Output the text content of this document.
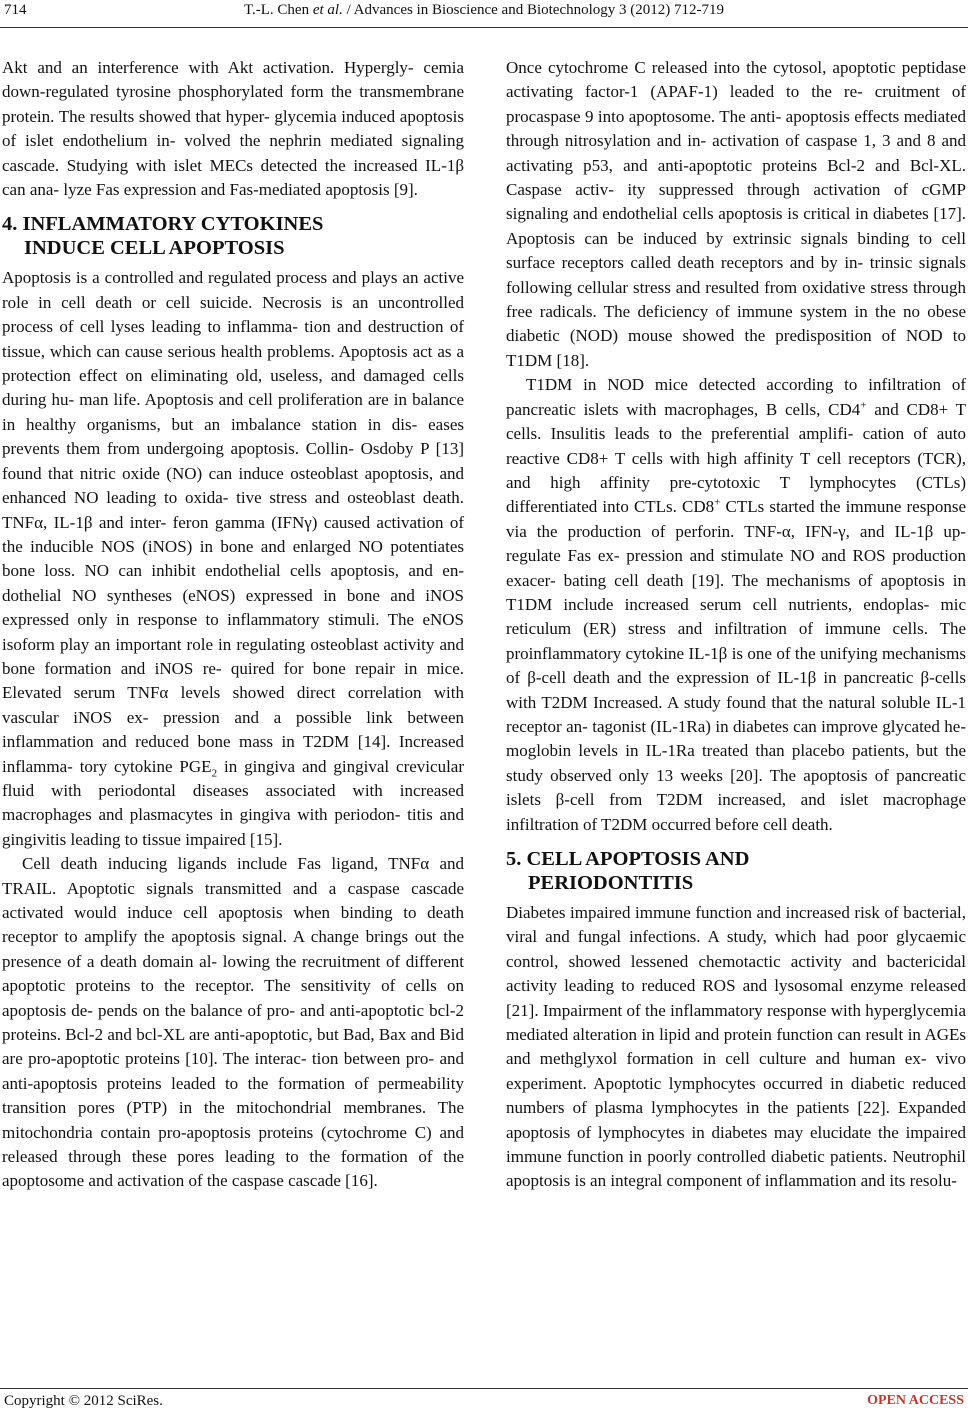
714	T.-L. Chen et al. / Advances in Bioscience and Biotechnology 3 (2012) 712-719

Akt and an interference with Akt activation. Hypergly- cemia down-regulated tyrosine phosphorylated form the transmembrane protein. The results showed that hyper- glycemia induced apoptosis of islet endothelium in- volved the nephrin mediated signaling cascade. Studying with islet MECs detected the increased IL-1β can ana- lyze Fas expression and Fas-mediated apoptosis [9].

4. INFLAMMATORY CYTOKINES
INDUCE CELL APOPTOSIS

Apoptosis is a controlled and regulated process and plays an active role in cell death or cell suicide. Necrosis is an uncontrolled process of cell lyses leading to inflamma- tion and destruction of tissue, which can cause serious health problems. Apoptosis act as a protection effect on eliminating old, useless, and damaged cells during hu- man life. Apoptosis and cell proliferation are in balance in healthy organisms, but an imbalance station in dis- eases prevents them from undergoing apoptosis. Collin- Osdoby P [13] found that nitric oxide (NO) can induce osteoblast apoptosis, and enhanced NO leading to oxida- tive stress and osteoblast death. TNFα, IL-1β and inter- feron gamma (IFNγ) caused activation of the inducible NOS (iNOS) in bone and enlarged NO potentiates bone loss. NO can inhibit endothelial cells apoptosis, and en- dothelial NO syntheses (eNOS) expressed in bone and iNOS expressed only in response to inflammatory stimuli. The eNOS isoform play an important role in regulating osteoblast activity and bone formation and iNOS re- quired for bone repair in mice. Elevated serum TNFα levels showed direct correlation with vascular iNOS ex- pression and a possible link between inflammation and reduced bone mass in T2DM [14]. Increased inflamma- tory cytokine $PGE_2$ in gingiva and gingival crevicular fluid with periodontal diseases associated with increased macrophages and plasmacytes in gingiva with periodon- titis and gingivitis leading to tissue impaired [15].

Cell death inducing ligands include Fas ligand, TNFα and TRAIL. Apoptotic signals transmitted and a caspase cascade activated would induce cell apoptosis when binding to death receptor to amplify the apoptosis signal. A change brings out the presence of a death domain al- lowing the recruitment of different apoptotic proteins to the receptor. The sensitivity of cells on apoptosis de- pends on the balance of pro- and anti-apoptotic bcl-2 proteins. Bcl-2 and bcl-XL are anti-apoptotic, but Bad, Bax and Bid are pro-apoptotic proteins [10]. The interac- tion between pro- and anti-apoptosis proteins leaded to the formation of permeability transition pores (PTP) in the mitochondrial membranes. The mitochondria contain pro-apoptosis proteins (cytochrome C) and released through these pores leading to the formation of the apoptosome and activation of the caspase cascade [16].

Once cytochrome C released into the cytosol, apoptotic peptidase activating factor-1 (APAF-1) leaded to the re- cruitment of procaspase 9 into apoptosome. The anti- apoptosis effects mediated through nitrosylation and in- activation of caspase 1, 3 and 8 and activating p53, and anti-apoptotic proteins Bcl-2 and Bcl-XL. Caspase activ- ity suppressed through activation of cGMP signaling and endothelial cells apoptosis is critical in diabetes [17]. Apoptosis can be induced by extrinsic signals binding to cell surface receptors called death receptors and by in- trinsic signals following cellular stress and resulted from oxidative stress through free radicals. The deficiency of immune system in the no obese diabetic (NOD) mouse showed the predisposition of NOD to T1DM [18].

T1DM in NOD mice detected according to infiltration of pancreatic islets with macrophages, B cells, CD4+ and CD8+ T cells. Insulitis leads to the preferential amplifi- cation of auto reactive CD8+ T cells with high affinity T cell receptors (TCR), and high affinity pre-cytotoxic T lymphocytes (CTLs) differentiated into CTLs. CD8+ CTLs started the immune response via the production of perforin. TNF-α, IFN-γ, and IL-1β up-regulate Fas ex- pression and stimulate NO and ROS production exacer- bating cell death [19]. The mechanisms of apoptosis in T1DM include increased serum cell nutrients, endoplas- mic reticulum (ER) stress and infiltration of immune cells. The proinflammatory cytokine IL-1β is one of the unifying mechanisms of β-cell death and the expression of IL-1β in pancreatic β-cells with T2DM Increased. A study found that the natural soluble IL-1 receptor an- tagonist (IL-1Ra) in diabetes can improve glycated he- moglobin levels in IL-1Ra treated than placebo patients, but the study observed only 13 weeks [20]. The apoptosis of pancreatic islets β-cell from T2DM increased, and islet macrophage infiltration of T2DM occurred before cell death.

5. CELL APOPTOSIS AND
PERIODONTITIS

Diabetes impaired immune function and increased risk of bacterial, viral and fungal infections. A study, which had poor glycaemic control, showed lessened chemotactic activity and bactericidal activity leading to reduced ROS and lysosomal enzyme released [21]. Impairment of the inflammatory response with hyperglycemia mediated alteration in lipid and protein function can result in AGEs and methglyxol formation in cell culture and human ex- vivo experiment. Apoptotic lymphocytes occurred in diabetic reduced numbers of plasma lymphocytes in the patients [22]. Expanded apoptosis of lymphocytes in diabetes may elucidate the impaired immune function in poorly controlled diabetic patients. Neutrophil apoptosis is an integral component of inflammation and its resolu-

Copyright © 2012 SciRes.	OPEN ACCESS
